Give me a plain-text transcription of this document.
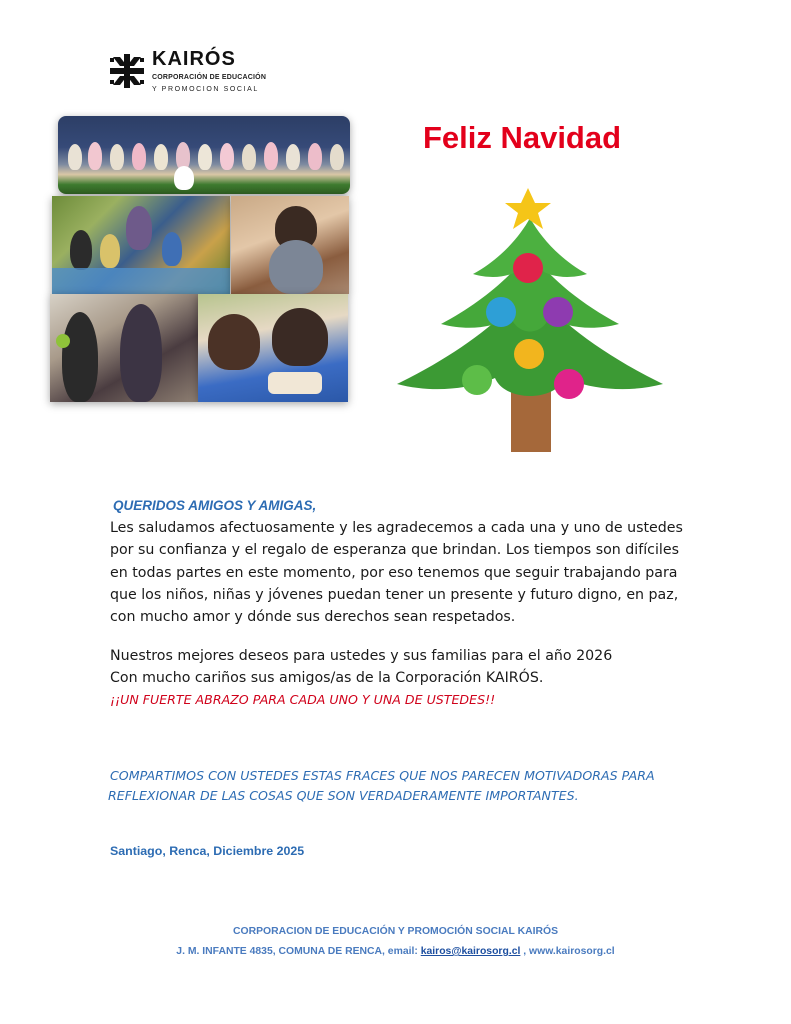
KAIRÓS
CORPORACIÓN DE EDUCACIÓN
Y PROMOCION SOCIAL
Feliz Navidad
QUERIDOS AMIGOS Y AMIGAS,
Les saludamos afectuosamente y les agradecemos a cada una y uno de ustedes por su confianza y el regalo de esperanza que brindan. Los tiempos son difíciles en todas partes en este momento, por eso tenemos que seguir trabajando para que los niños, niñas y jóvenes puedan tener un presente y futuro digno, en paz, con mucho amor y dónde sus derechos sean respetados.
Nuestros mejores deseos para ustedes y sus familias para el año 2026
Con mucho cariños sus amigos/as de la Corporación KAIRÓS.
¡¡UN FUERTE ABRAZO PARA CADA UNO Y UNA DE USTEDES!!
COMPARTIMOS CON USTEDES ESTAS FRACES QUE NOS PARECEN MOTIVADORAS PARA
REFLEXIONAR DE LAS COSAS QUE SON VERDADERAMENTE IMPORTANTES.
Santiago, Renca, Diciembre 2025
CORPORACION DE EDUCACIÓN Y PROMOCIÓN SOCIAL KAIRÓS
J. M. INFANTE 4835, COMUNA DE RENCA, email: kairos@kairosorg.cl , www.kairosorg.cl
